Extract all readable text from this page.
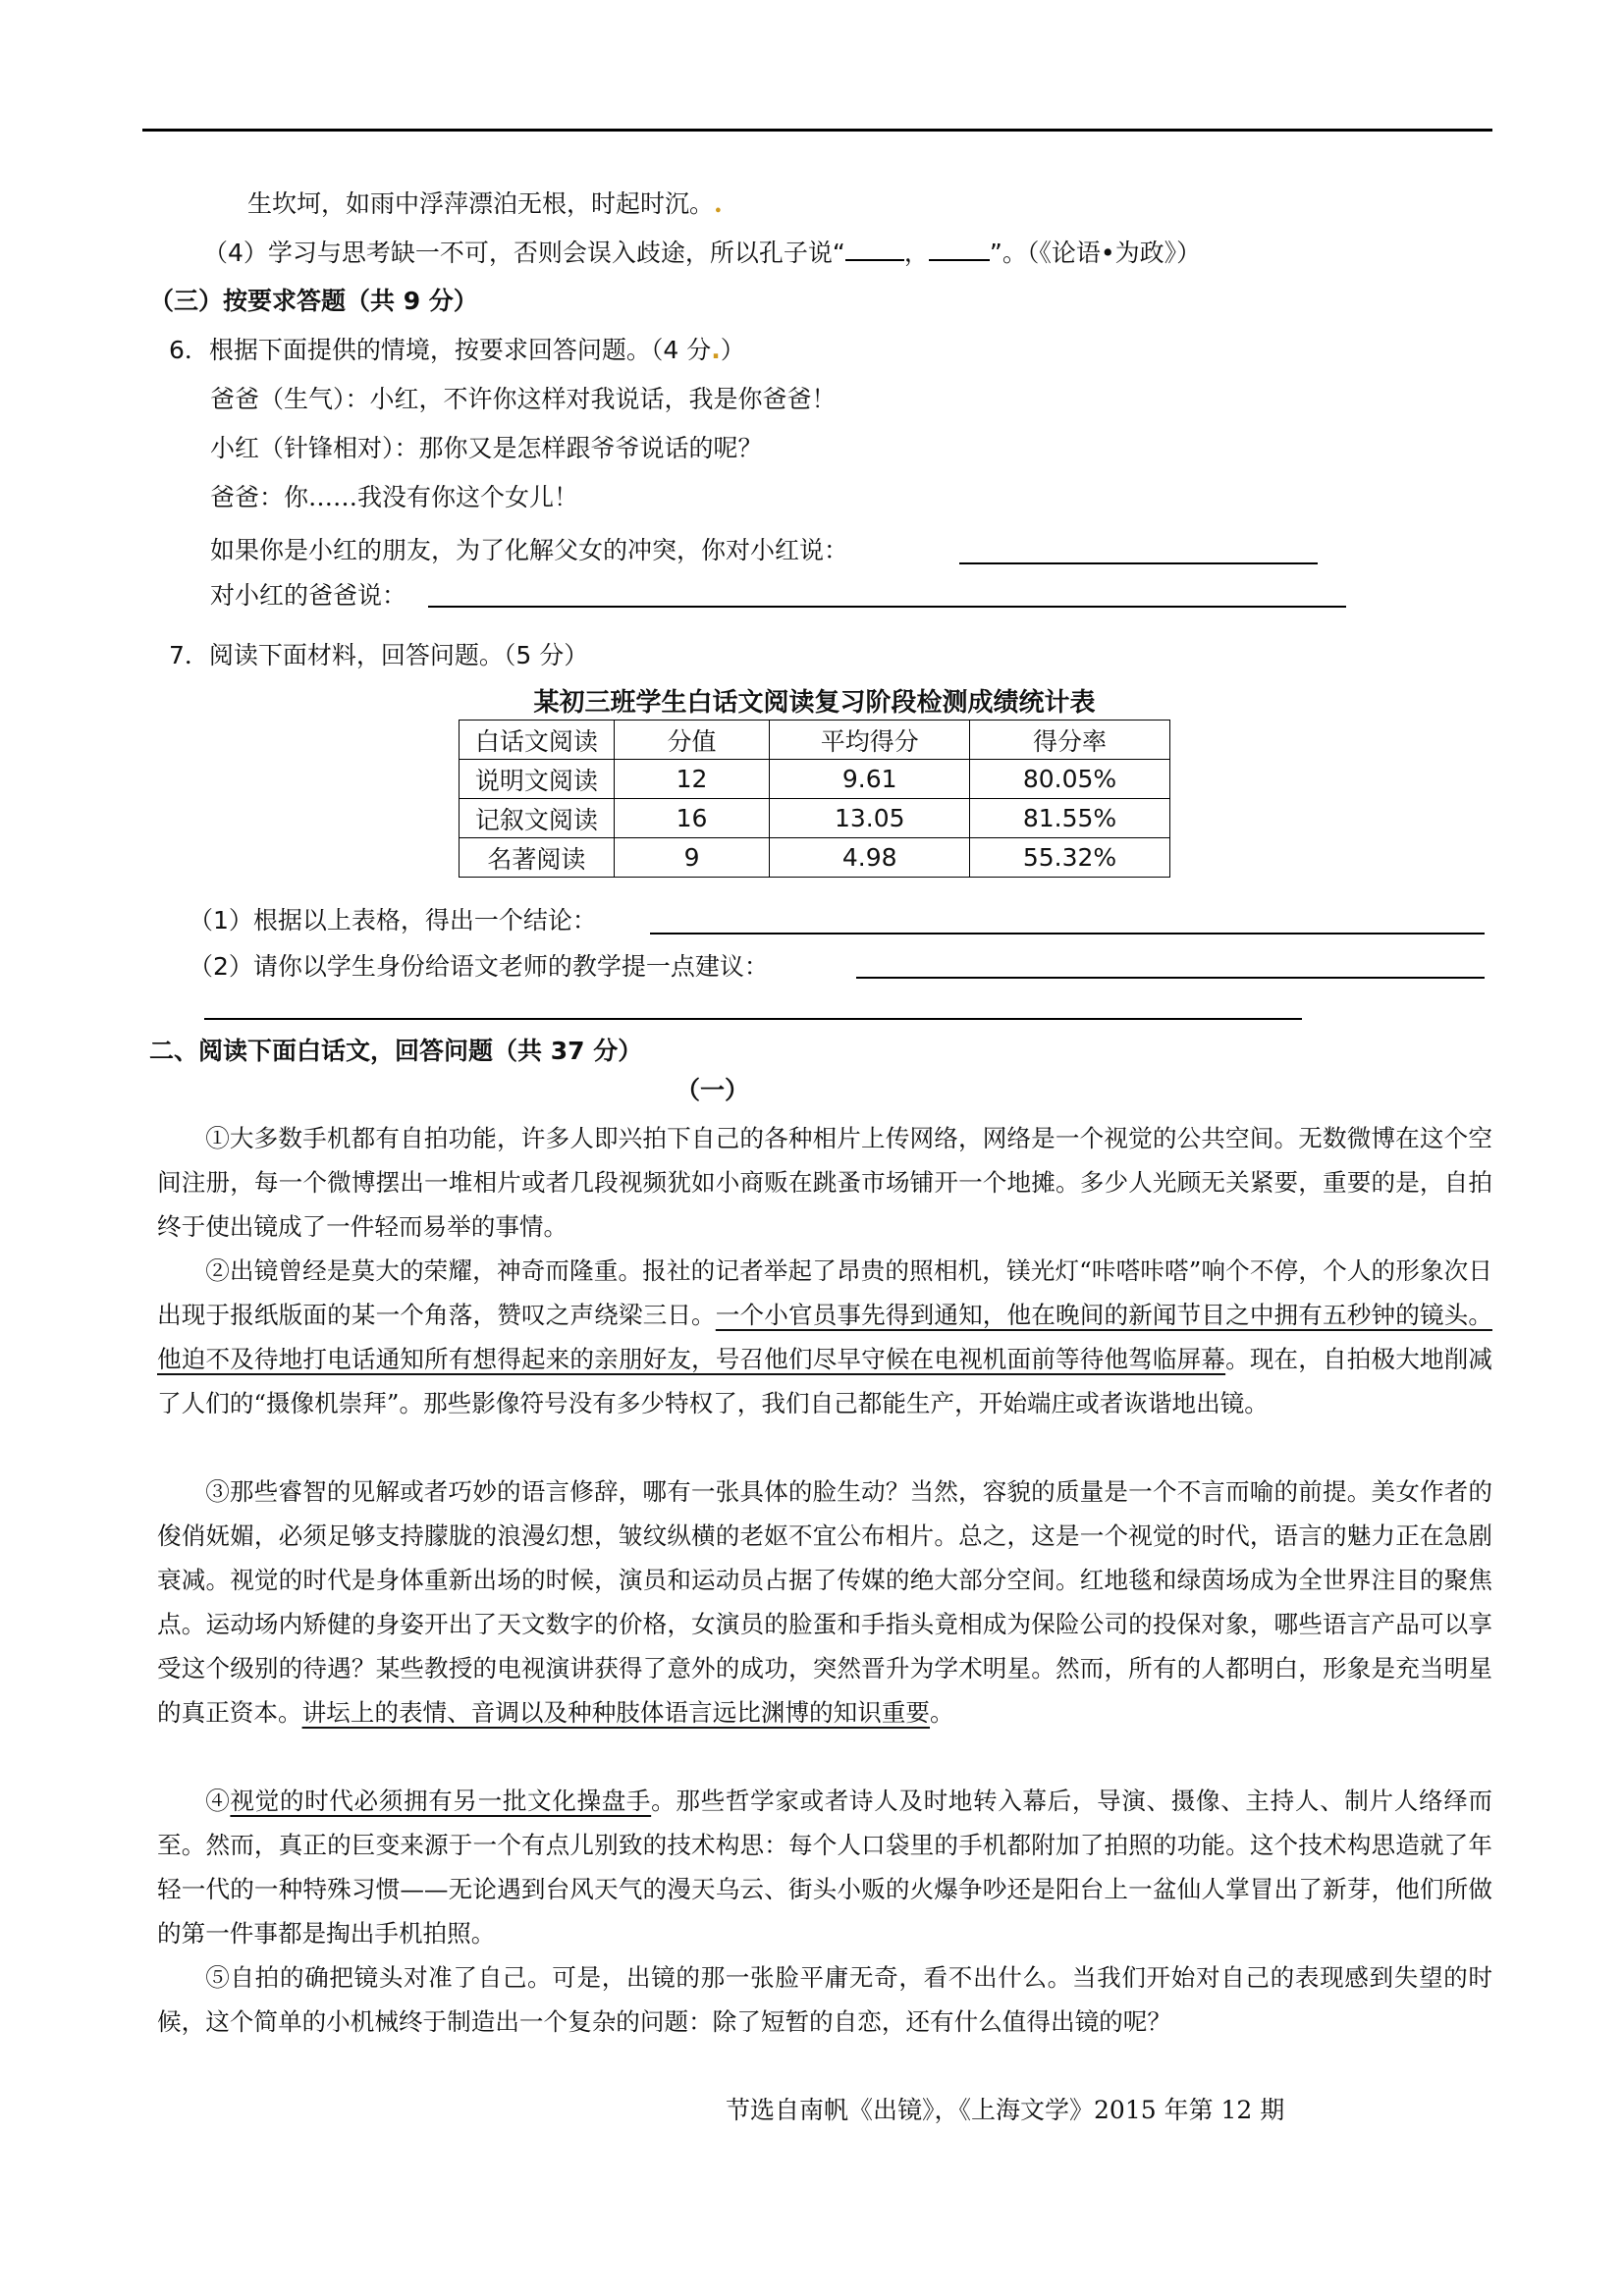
生坎坷，如雨中浮萍漂泊无根，时起时沉。.
（4）学习与思考缺一不可，否则会误入歧途，所以孔子说“ ， ”。（《论语•为政》）
（三）按要求答题（共 9 分）
6．根据下面提供的情境，按要求回答问题。（4 分.）
爸爸（生气）：小红，不许你这样对我说话，我是你爸爸！
小红（针锋相对）：那你又是怎样跟爷爷说话的呢？
爸爸：你……我没有你这个女儿！
如果你是小红的朋友，为了化解父女的冲突，你对小红说：
对小红的爸爸说：
7．阅读下面材料，回答问题。（5 分）
某初三班学生白话文阅读复习阶段检测成绩统计表
白话文阅读	分值	平均得分	得分率
说明文阅读	12	9.61	80.05%
记叙文阅读	16	13.05	81.55%
名著阅读	9	4.98	55.32%
（1）根据以上表格，得出一个结论：
（2）请你以学生身份给语文老师的教学提一点建议：
二、阅读下面白话文，回答问题（共 37 分）
（一）
①大多数手机都有自拍功能，许多人即兴拍下自己的各种相片上传网络，网络是一个视觉的公共空间。无数微博在这个空间注册，每一个微博摆出一堆相片或者几段视频犹如小商贩在跳蚤市场铺开一个地摊。多少人光顾无关紧要，重要的是，自拍终于使出镜成了一件轻而易举的事情。
②出镜曾经是莫大的荣耀，神奇而隆重。报社的记者举起了昂贵的照相机，镁光灯“咔嗒咔嗒”响个不停，个人的形象次日出现于报纸版面的某一个角落，赞叹之声绕梁三日。一个小官员事先得到通知，他在晚间的新闻节目之中拥有五秒钟的镜头。他迫不及待地打电话通知所有想得起来的亲朋好友，号召他们尽早守候在电视机面前等待他驾临屏幕。现在，自拍极大地削减了人们的“摄像机崇拜”。那些影像符号没有多少特权了，我们自己都能生产，开始端庄或者诙谐地出镜。
③那些睿智的见解或者巧妙的语言修辞，哪有一张具体的脸生动？当然，容貌的质量是一个不言而喻的前提。美女作者的俊俏妩媚，必须足够支持朦胧的浪漫幻想，皱纹纵横的老妪不宜公布相片。总之，这是一个视觉的时代，语言的魅力正在急剧衰减。视觉的时代是身体重新出场的时候，演员和运动员占据了传媒的绝大部分空间。红地毯和绿茵场成为全世界注目的聚焦点。运动场内矫健的身姿开出了天文数字的价格，女演员的脸蛋和手指头竟相成为保险公司的投保对象，哪些语言产品可以享受这个级别的待遇？某些教授的电视演讲获得了意外的成功，突然晋升为学术明星。然而，所有的人都明白，形象是充当明星的真正资本。讲坛上的表情、音调以及种种肢体语言远比渊博的知识重要。
④视觉的时代必须拥有另一批文化操盘手。那些哲学家或者诗人及时地转入幕后，导演、摄像、主持人、制片人络绎而至。然而，真正的巨变来源于一个有点儿别致的技术构思：每个人口袋里的手机都附加了拍照的功能。这个技术构思造就了年轻一代的一种特殊习惯——无论遇到台风天气的漫天乌云、街头小贩的火爆争吵还是阳台上一盆仙人掌冒出了新芽，他们所做的第一件事都是掏出手机拍照。
⑤自拍的确把镜头对准了自己。可是，出镜的那一张脸平庸无奇，看不出什么。当我们开始对自己的表现感到失望的时候，这个简单的小机械终于制造出一个复杂的问题：除了短暂的自恋，还有什么值得出镜的呢？
节选自南帆《出镜》，《上海文学》2015 年第 12 期
